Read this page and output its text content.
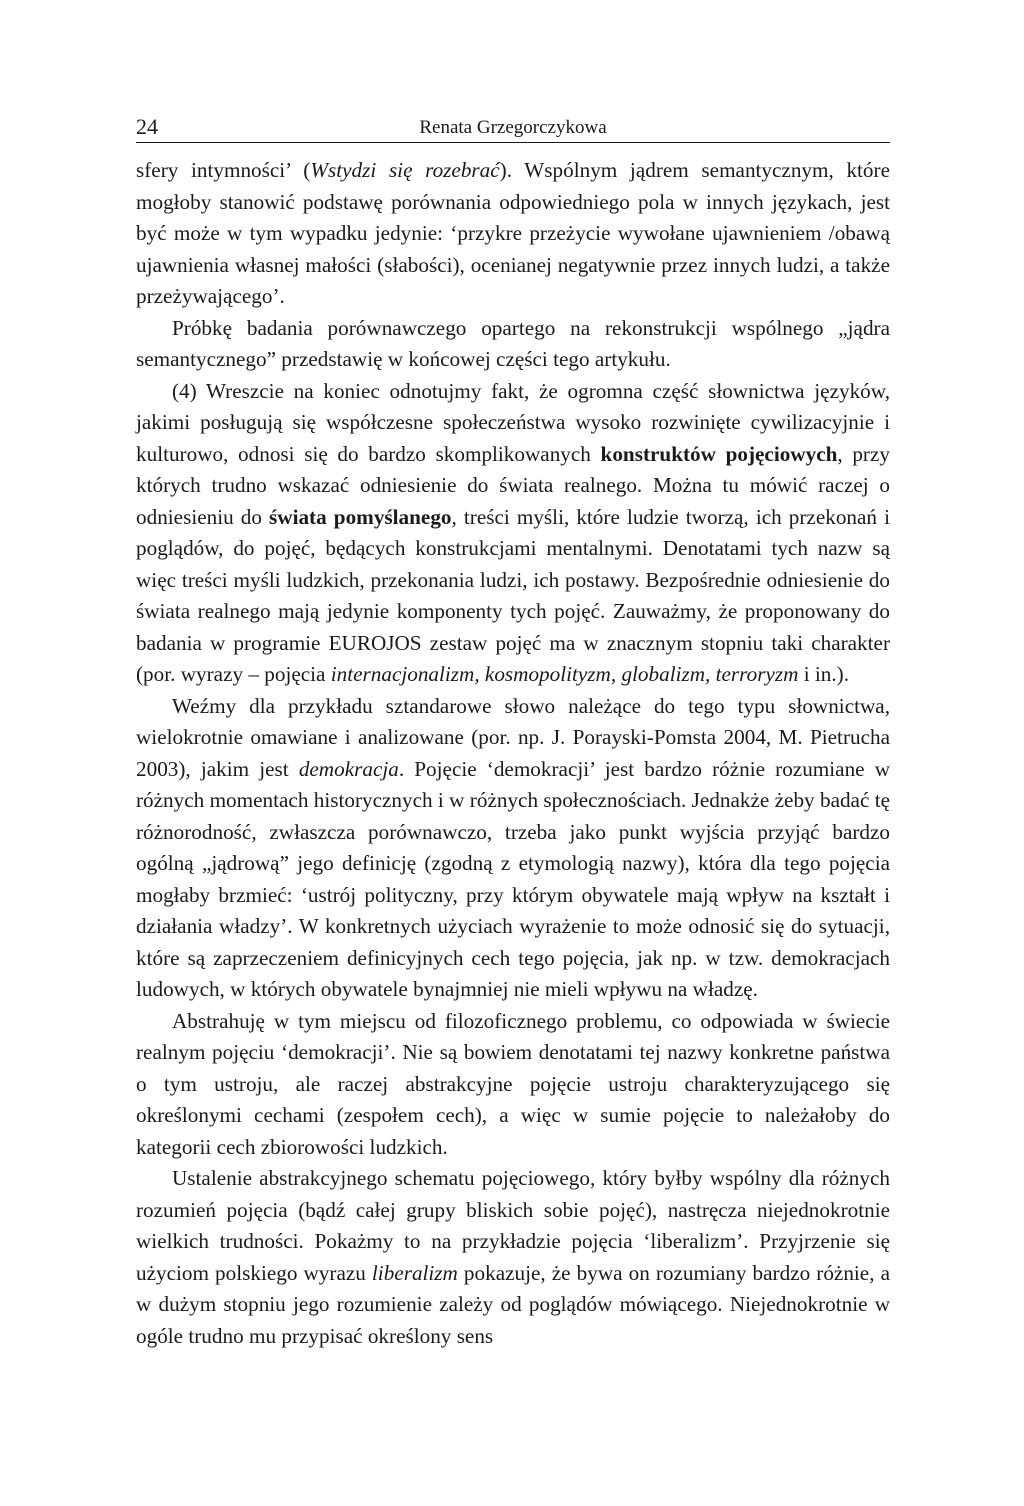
24	Renata Grzegorczykowa

sfery intymności’ (Wstydzi się rozebrać). Wspólnym jądrem semantycznym, które mogłoby stanowić podstawę porównania odpowiedniego pola w innych językach, jest być może w tym wypadku jedynie: ‘przykre przeżycie wywołane ujawnieniem /obawą ujawnienia własnej małości (słabości), ocenianej negatywnie przez innych ludzi, a także przeżywającego’.

Próbkę badania porównawczego opartego na rekonstrukcji wspólnego „jądra semantycznego” przedstawię w końcowej części tego artykułu.

(4) Wreszcie na koniec odnotujmy fakt, że ogromna część słownictwa języków, jakimi posługują się współczesne społeczeństwa wysoko rozwinięte cywilizacyjnie i kulturowo, odnosi się do bardzo skomplikowanych konstruktów pojęciowych, przy których trudno wskazać odniesienie do świata realnego. Można tu mówić raczej o odniesieniu do świata pomyślanego, treści myśli, które ludzie tworzą, ich przekonań i poglądów, do pojęć, będących konstrukcjami mentalnymi. Denotatami tych nazw są więc treści myśli ludzkich, przekonania ludzi, ich postawy. Bezpośrednie odniesienie do świata realnego mają jedynie komponenty tych pojęć. Zauważmy, że proponowany do badania w programie EUROJOS zestaw pojęć ma w znacznym stopniu taki charakter (por. wyrazy – pojęcia internacjonalizm, kosmopolityzm, globalizm, terroryzm i in.).

Weźmy dla przykładu sztandarowe słowo należące do tego typu słownictwa, wielokrotnie omawiane i analizowane (por. np. J. Porayski-Pomsta 2004, M. Pietrucha 2003), jakim jest demokracja. Pojęcie ‘demokracji’ jest bardzo różnie rozumiane w różnych momentach historycznych i w różnych społecznościach. Jednakże żeby badać tę różnorodność, zwłaszcza porównawczo, trzeba jako punkt wyjścia przyjąć bardzo ogólną „jądrową” jego definicję (zgodną z etymologią nazwy), która dla tego pojęcia mogłaby brzmieć: ‘ustrój polityczny, przy którym obywatele mają wpływ na kształt i działania władzy’. W konkretnych użyciach wyrażenie to może odnosić się do sytuacji, które są zaprzeczeniem definicyjnych cech tego pojęcia, jak np. w tzw. demokracjach ludowych, w których obywatele bynajmniej nie mieli wpływu na władzę.

Abstrahuję w tym miejscu od filozoficznego problemu, co odpowiada w świecie realnym pojęciu ‘demokracji’. Nie są bowiem denotatami tej nazwy konkretne państwa o tym ustroju, ale raczej abstrakcyjne pojęcie ustroju charakteryzującego się określonymi cechami (zespołem cech), a więc w sumie pojęcie to należałoby do kategorii cech zbiorowości ludzkich.

Ustalenie abstrakcyjnego schematu pojęciowego, który byłby wspólny dla różnych rozumień pojęcia (bądź całej grupy bliskich sobie pojęć), nastręcza niejednokrotnie wielkich trudności. Pokażmy to na przykładzie pojęcia ‘liberalizm’. Przyjrzenie się użyciom polskiego wyrazu liberalizm pokazuje, że bywa on rozumiany bardzo różnie, a w dużym stopniu jego rozumienie zależy od poglądów mówiącego. Niejednokrotnie w ogóle trudno mu przypisać określony sens
